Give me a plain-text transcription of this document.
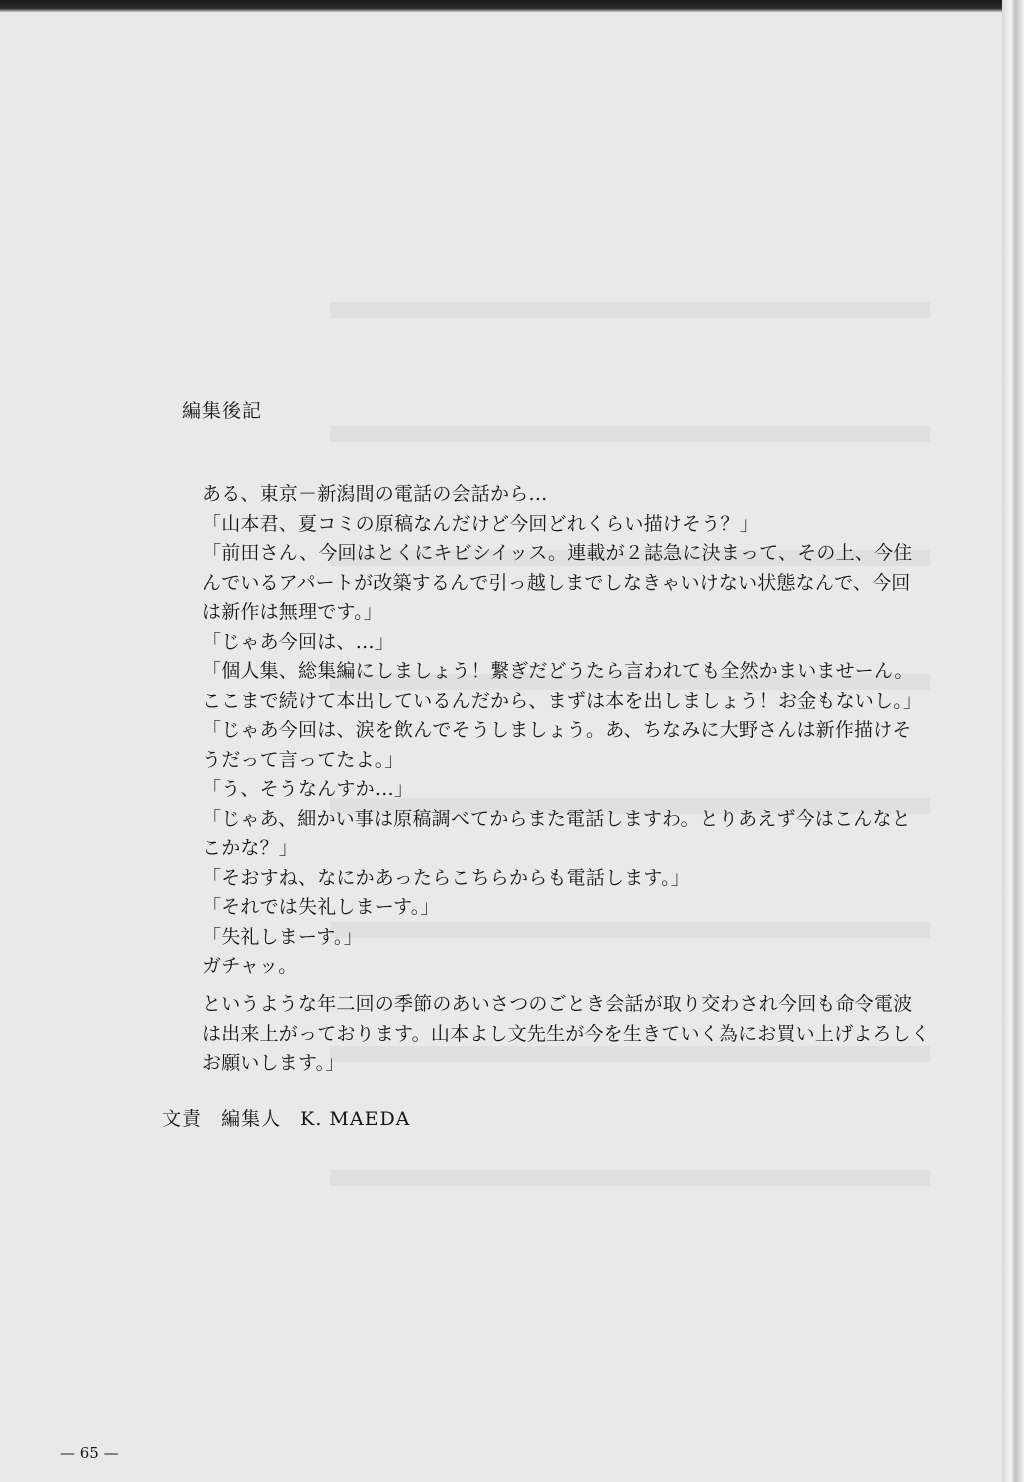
編集後記
ある、東京－新潟間の電話の会話から…
「山本君、夏コミの原稿なんだけど今回どれくらい描けそう？」
「前田さん、今回はとくにキビシイッス。連載が２誌急に決まって、その上、今住
んでいるアパートが改築するんで引っ越しまでしなきゃいけない状態なんで、今回
は新作は無理です。」
「じゃあ今回は、…」
「個人集、総集編にしましょう！繋ぎだどうたら言われても全然かまいませーん。
ここまで続けて本出しているんだから、まずは本を出しましょう！お金もないし。」
「じゃあ今回は、涙を飲んでそうしましょう。あ、ちなみに大野さんは新作描けそ
うだって言ってたよ。」
「う、そうなんすか…」
「じゃあ、細かい事は原稿調べてからまた電話しますわ。とりあえず今はこんなと
こかな？」
「そおすね、なにかあったらこちらからも電話します。」
「それでは失礼しまーす。」
「失礼しまーす。」
ガチャッ。
というような年二回の季節のあいさつのごとき会話が取り交わされ今回も命令電波
は出来上がっております。山本よし文先生が今を生きていく為にお買い上げよろしく
お願いします。」
文責 編集人 K. MAEDA
— 65 —
